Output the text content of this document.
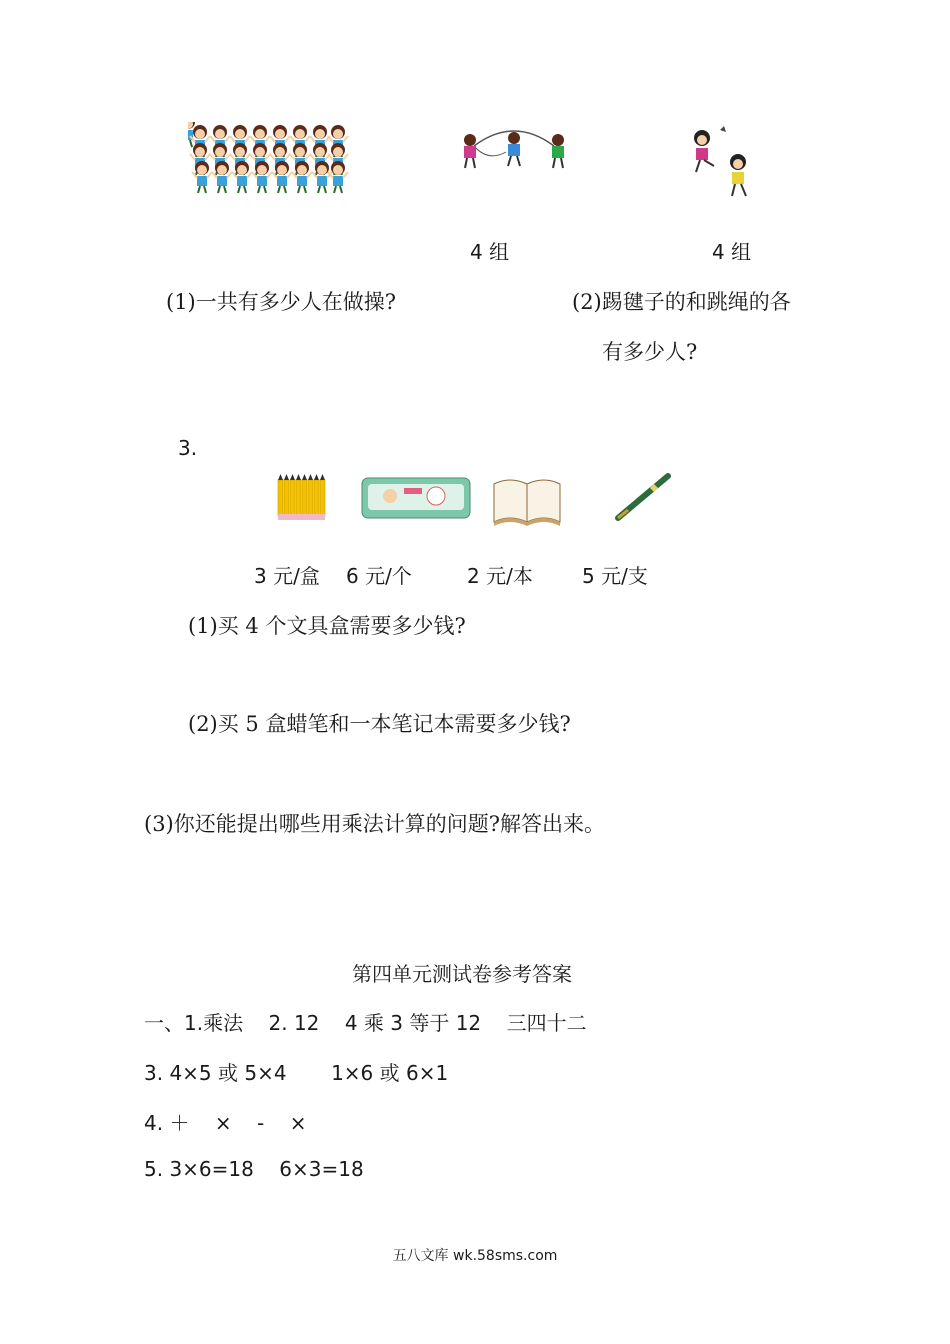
4 组	4 组
(1)一共有多少人在做操?	(2)踢毽子的和跳绳的各
有多少人?
3.
3 元/盒 6 元/个	2 元/本 5 元/支
(1)买 4 个文具盒需要多少钱?
(2)买 5 盒蜡笔和一本笔记本需要多少钱?
(3)你还能提出哪些用乘法计算的问题?解答出来。
第四单元测试卷参考答案
一、1.乘法    2. 12    4 乘 3 等于 12    三四十二
3. 4×5 或 5×4       1×6 或 6×1
4. ＋    ×    -    ×
5. 3×6=18    6×3=18
五八文库 wk.58sms.com
